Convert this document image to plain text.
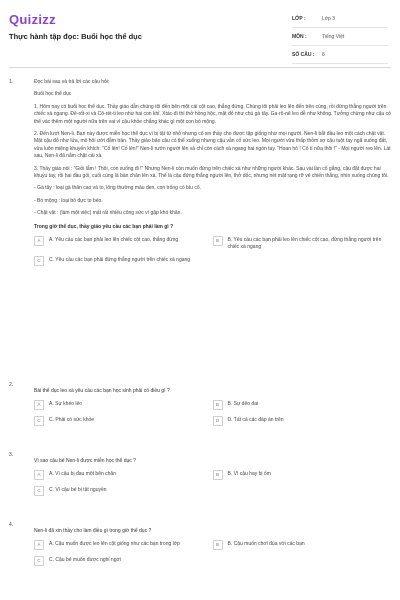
Quizizz
Thực hành tập đọc: Buổi học thể dục
LỚP :	Lớp 3
MÔN :	Tiếng Việt
SỐ CÂU :	8
1.	Đọc bài sau và trả lời các câu hỏi:

Buổi học thể dục

1. Hôm nay có buổi học thể dục. Thầy giáo dẫn chúng tôi đến bên một cái cột cao, thẳng đứng. Chúng tôi phải leo lên đến trên cùng, rồi đứng thẳng người trên chiếc xà ngang. Đê-rốt-xi và Cô-rét-ti leo như hai con khỉ. Xtác-đi thì thở hồng hộc, mặt đỏ như chú gà tây. Ga-rô-nê leo dễ như không. Tưởng chừng như cậu có thể vác thêm một người nữa trên vai vì cậu khỏe chẳng khác gì một con bò mộng.

2. Đến lượt Nen-li. Bạn này được miễn học thể dục vì bị tật từ nhỏ nhưng cố xin thầy cho được tập giống như mọi người. Nen-li bắt đầu leo một cách chật vật. Mặt cậu đỏ như lửa, mồ hôi ướt đẫm trán. Thầy giáo bảo cậu có thể xuống nhưng cậu vẫn cố sức leo. Mọi người vừa thấp thỏm sợ cậu tuột tay ngã xuống đất, vừa luôn miệng khuyến khích: "Cố lên! Cố lên!" Nen-li rướn người lên và chỉ còn cách xà ngang hai ngón tay. "Hoan hô ! Cố tí nữa thôi !" - Mọi người reo lên. Lát sau, Nen-li đã nắm chặt cái xà.

3. Thầy giáo nói : "Giỏi lắm ! Thôi, con xuống đi !" Nhưng Nen-li còn muốn đứng trên chiếc xà như những người khác. Sau vài lần cố gắng, cậu đặt được hai khuỷu tay, rồi hai đầu gối, cuối cùng là bàn chân lên xà. Thế là cậu đứng thẳng người lên, thở dốc, nhưng nét mặt rạng rỡ vẻ chiến thắng, nhìn xuống chúng tôi.

- Gà tây : loại gà thân cao và to, lông thường màu đen, con trống có bìu cổ.

- Bò mộng : loại bò đực to béo.

- Chật vật : (làm một việc) mất rất nhiều công sức vì gặp khó khăn.

Trong giờ thể dục, thầy giáo yêu cầu các bạn phải làm gì ?
A	A. Yêu cầu các bạn phải leo lên chiếc cột cao, thẳng đứng	B	B. Yêu cầu các bạn phải leo lên chiếc cột cao, đứng thẳng người trên chiếc xà ngang
C	C. Yêu cầu các bạn phải đứng thẳng người trên chiếc xà ngang
2.
Bài thể dục leo xà yêu cầu các bạn học sinh phải có điều gì ?
A	A. Sự khéo léo	B	B. Sự dẻo dai
C	C. Phải có sức khỏe	D	D. Tất cả các đáp án trên
3.
Vì sao cậu bé Nen-li được miễn học thể dục ?
A	A. Vì cậu bị đau một bên chân	B	B. Vì cậu hay bị ốm
C	C. Vì cậu bé bị tật nguyền
4.
Nen-li đã xin thầy cho làm điều gì trong giờ thể dục ?
A	A. Cậu muốn được leo lên cột giống như các bạn trong lớp	B	B. Cậu muốn chơi đùa với các bạn
C	C. Cậu bé muốn được nghỉ ngơi
